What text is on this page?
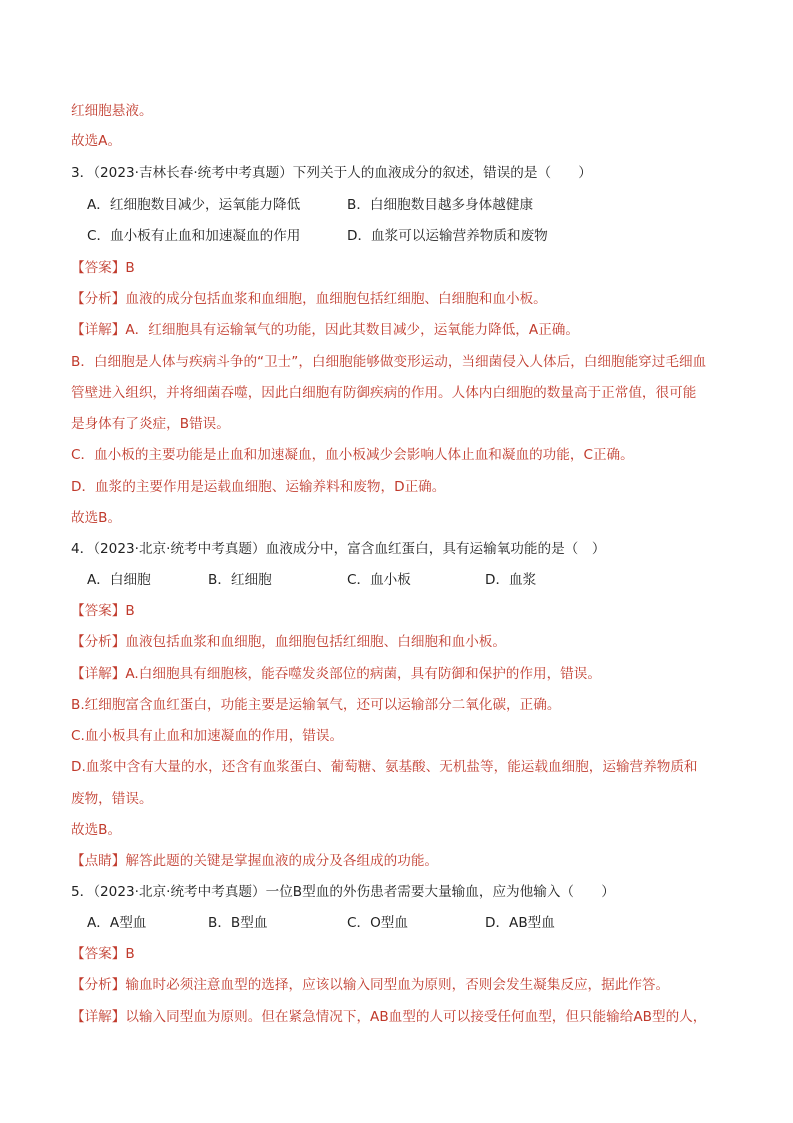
红细胞悬液。
故选A。
3．（2023·吉林长春·统考中考真题）下列关于人的血液成分的叙述，错误的是（　　）
A．红细胞数目减少，运氧能力降低	B．白细胞数目越多身体越健康
C．血小板有止血和加速凝血的作用	D．血浆可以运输营养物质和废物
【答案】B
【分析】血液的成分包括血浆和血细胞，血细胞包括红细胞、白细胞和血小板。
【详解】A．红细胞具有运输氧气的功能，因此其数目减少，运氧能力降低，A正确。
B．白细胞是人体与疾病斗争的“卫士”，白细胞能够做变形运动，当细菌侵入人体后，白细胞能穿过毛细血
管壁进入组织，并将细菌吞噬，因此白细胞有防御疾病的作用。人体内白细胞的数量高于正常值，很可能
是身体有了炎症，B错误。
C．血小板的主要功能是止血和加速凝血，血小板减少会影响人体止血和凝血的功能，C正确。
D．血浆的主要作用是运载血细胞、运输养料和废物，D正确。
故选B。
4．（2023·北京·统考中考真题）血液成分中，富含血红蛋白，具有运输氧功能的是（　）
A．白细胞	B．红细胞	C．血小板	D．血浆
【答案】B
【分析】血液包括血浆和血细胞，血细胞包括红细胞、白细胞和血小板。
【详解】A.白细胞具有细胞核，能吞噬发炎部位的病菌，具有防御和保护的作用，错误。
B.红细胞富含血红蛋白，功能主要是运输氧气，还可以运输部分二氧化碳，正确。
C.血小板具有止血和加速凝血的作用，错误。
D.血浆中含有大量的水，还含有血浆蛋白、葡萄糖、氨基酸、无机盐等，能运载血细胞，运输营养物质和
废物，错误。
故选B。
【点睛】解答此题的关键是掌握血液的成分及各组成的功能。
5．（2023·北京·统考中考真题）一位B型血的外伤患者需要大量输血，应为他输入（　　）
A．A型血	B．B型血	C．O型血	D．AB型血
【答案】B
【分析】输血时必须注意血型的选择，应该以输入同型血为原则，否则会发生凝集反应，据此作答。
【详解】以输入同型血为原则。但在紧急情况下，AB血型的人可以接受任何血型，但只能输给AB型的人，
